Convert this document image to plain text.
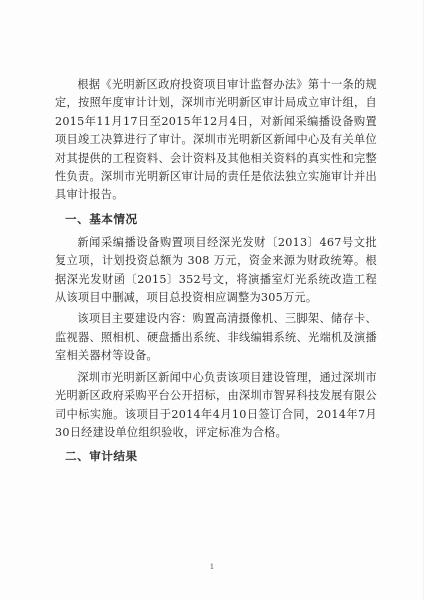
根据《光明新区政府投资项目审计监督办法》第十一条的规定，按照年度审计计划，深圳市光明新区审计局成立审计组，自2015年11月17日至2015年12月4日，对新闻采编播设备购置项目竣工决算进行了审计。深圳市光明新区新闻中心及有关单位对其提供的工程资料、会计资料及其他相关资料的真实性和完整性负责。深圳市光明新区审计局的责任是依法独立实施审计并出具审计报告。

一、基本情况

新闻采编播设备购置项目经深光发财〔2013〕467号文批复立项，计划投资总额为 308 万元，资金来源为财政统筹。根据深光发财函〔2015〕352号文，将演播室灯光系统改造工程从该项目中删减，项目总投资相应调整为305万元。

该项目主要建设内容：购置高清摄像机、三脚架、储存卡、监视器、照相机、硬盘播出系统、非线编辑系统、光端机及演播室相关器材等设备。

深圳市光明新区新闻中心负责该项目建设管理，通过深圳市光明新区政府采购平台公开招标，由深圳市智昇科技发展有限公司中标实施。该项目于2014年4月10日签订合同，2014年7月30日经建设单位组织验收，评定标准为合格。

二、审计结果
1
